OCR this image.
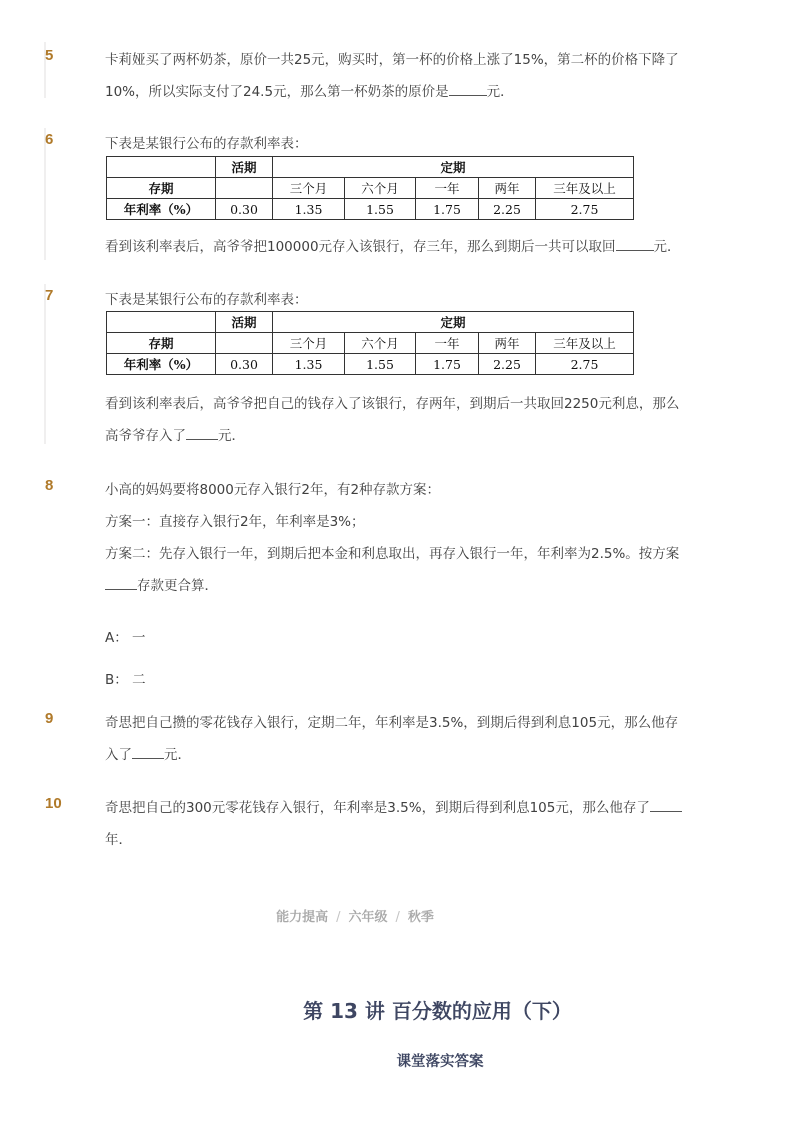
5	卡莉娅买了两杯奶茶，原价一共25元，购买时，第一杯的价格上涨了15%，第二杯的价格下降了
10%，所以实际支付了24.5元，那么第一杯奶茶的原价是	元．
6	下表是某银行公布的存款利率表：
	活期	定期				
存期		三个月	六个月	一年	两年	三年及以上
年利率（%）	0.30	1.35	1.55	1.75	2.25	2.75
看到该利率表后，高爷爷把100000元存入该银行，存三年，那么到期后一共可以取回	元．
7	下表是某银行公布的存款利率表：
	活期	定期				
存期		三个月	六个月	一年	两年	三年及以上
年利率（%）	0.30	1.35	1.55	1.75	2.25	2.75
看到该利率表后，高爷爷把自己的钱存入了该银行，存两年，到期后一共取回2250元利息，那么
高爷爷存入了 元．
8	小高的妈妈要将8000元存入银行2年，有2种存款方案：
方案一：直接存入银行2年，年利率是3%；
方案二：先存入银行一年，到期后把本金和利息取出，再存入银行一年，年利率为2.5%。按方案
存款更合算．
A： 一
B： 二
9	奇思把自己攒的零花钱存入银行，定期二年，年利率是3.5%，到期后得到利息105元，那么他存
入了 元．
10	奇思把自己的300元零花钱存入银行，年利率是3.5%，到期后得到利息105元，那么他存了
年．
能力提高 / 六年级 / 秋季
第 13 讲 百分数的应用（下）
课堂落实答案
